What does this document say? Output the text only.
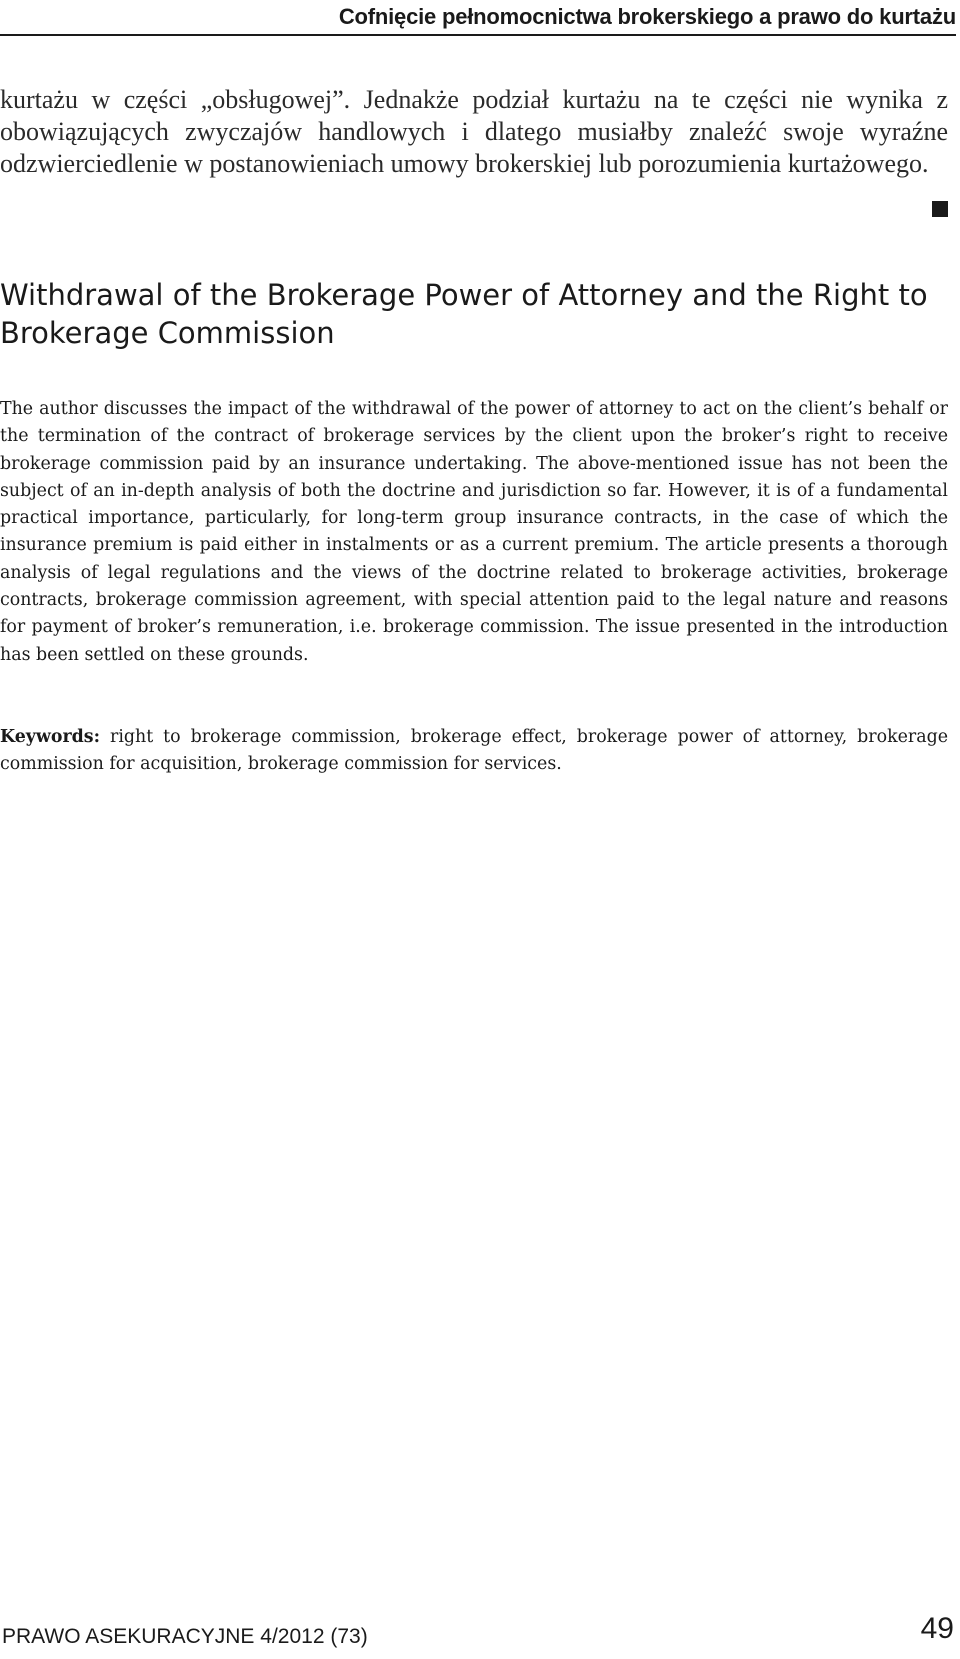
Cofnięcie pełnomocnictwa brokerskiego a prawo do kurtażu

kurtażu w części „obsługowej”. Jednakże podział kurtażu na te części nie wynika z obowiązujących zwyczajów handlowych i dlatego musiałby znaleźć swoje wyraźne odzwierciedlenie w postanowieniach umowy brokerskiej lub porozumienia kurtażowego.

Withdrawal of the Brokerage Power of Attorney and the Right to Brokerage Commission

The author discusses the impact of the withdrawal of the power of attorney to act on the client’s behalf or the termination of the contract of brokerage services by the client upon the broker’s right to receive brokerage commission paid by an insurance undertaking. The above-mentioned issue has not been the subject of an in-depth analysis of both the doctrine and jurisdiction so far. However, it is of a fundamental practical importance, particularly, for long-term group insurance contracts, in the case of which the insurance premium is paid either in instalments or as a current premium. The article presents a thorough analysis of legal regulations and the views of the doctrine related to brokerage activities, brokerage contracts, brokerage commission agreement, with special attention paid to the legal nature and reasons for payment of broker’s remuneration, i.e. brokerage commission. The issue presented in the introduction has been settled on these grounds.

Keywords: right to brokerage commission, brokerage effect, brokerage power of attorney, brokerage commission for acquisition, brokerage commission for services.

PRAWO ASEKURACYJNE 4/2012 (73)	49
